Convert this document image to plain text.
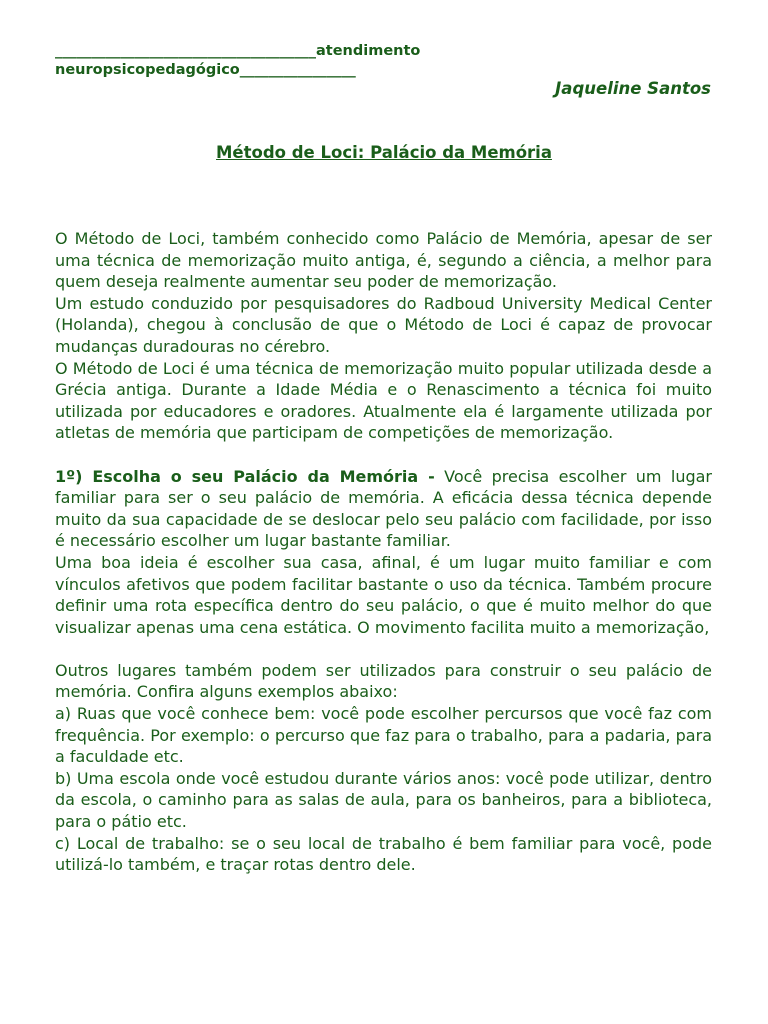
____________________________________atendimento
neuropsicopedagógico________________
Jaqueline Santos
Método de Loci: Palácio da Memória

O Método de Loci, também conhecido como Palácio de Memória, apesar de ser uma técnica de memorização muito antiga, é, segundo a ciência, a melhor para quem deseja realmente aumentar seu poder de memorização.

Um estudo conduzido por pesquisadores do Radboud University Medical Center (Holanda), chegou à conclusão de que o Método de Loci é capaz de provocar mudanças duradouras no cérebro.

O Método de Loci é uma técnica de memorização muito popular utilizada desde a Grécia antiga. Durante a Idade Média e o Renascimento a técnica foi muito utilizada por educadores e oradores. Atualmente ela é largamente utilizada por atletas de memória que participam de competições de memorização.

1º) Escolha o seu Palácio da Memória - Você precisa escolher um lugar familiar para ser o seu palácio de memória. A eficácia dessa técnica depende muito da sua capacidade de se deslocar pelo seu palácio com facilidade, por isso é necessário escolher um lugar bastante familiar.

Uma boa ideia é escolher sua casa, afinal, é um lugar muito familiar e com vínculos afetivos que podem facilitar bastante o uso da técnica. Também procure definir uma rota específica dentro do seu palácio, o que é muito melhor do que visualizar apenas uma cena estática. O movimento facilita muito a memorização,

Outros lugares também podem ser utilizados para construir o seu palácio de memória. Confira alguns exemplos abaixo:

a) Ruas que você conhece bem: você pode escolher percursos que você faz com frequência. Por exemplo: o percurso que faz para o trabalho, para a padaria, para a faculdade etc.

b) Uma escola onde você estudou durante vários anos: você pode utilizar, dentro da escola, o caminho para as salas de aula, para os banheiros, para a biblioteca, para o pátio etc.

c) Local de trabalho: se o seu local de trabalho é bem familiar para você, pode utilizá-lo também, e traçar rotas dentro dele.
